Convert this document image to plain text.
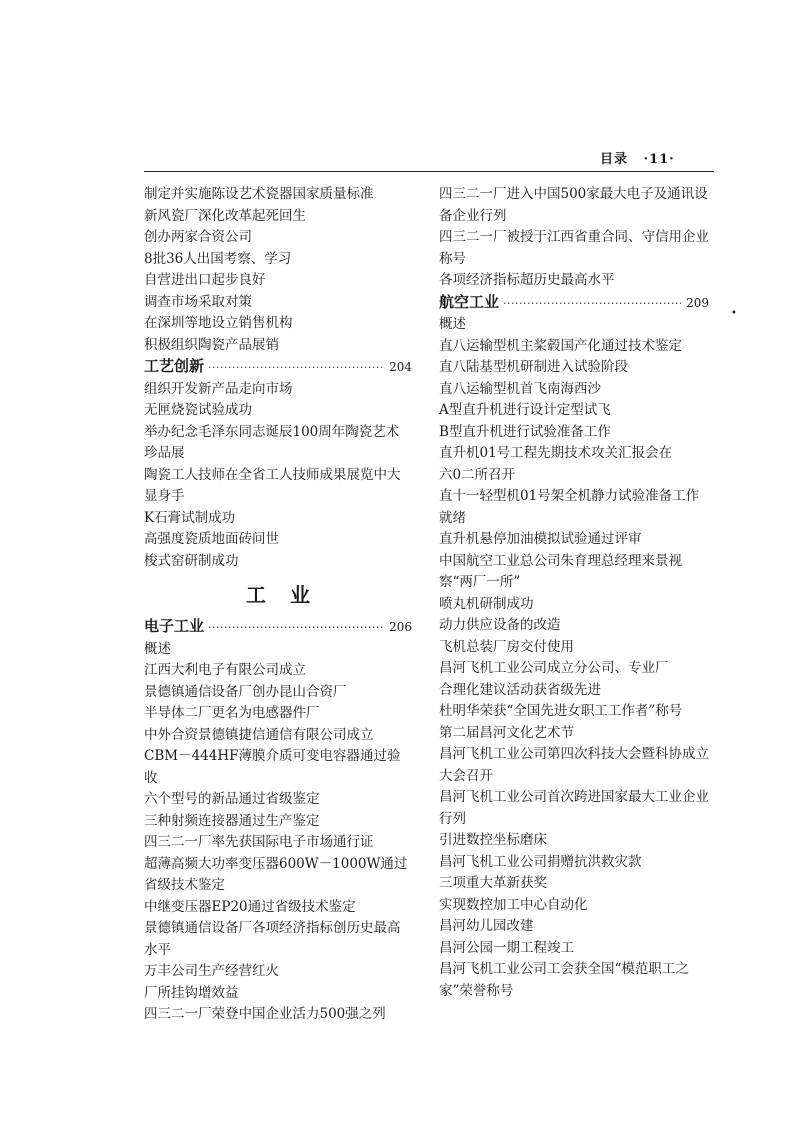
目录 ·11·
•
制定并实施陈设艺术瓷器国家质量标准
新风瓷厂深化改革起死回生
创办两家合资公司
8批36人出国考察、学习
自营进出口起步良好
调查市场采取对策
在深圳等地设立销售机构
积极组织陶瓷产品展销
工艺创新 ·····	204
组织开发新产品走向市场
无匣烧瓷试验成功
举办纪念毛泽东同志诞辰100周年陶瓷艺术珍品展
陶瓷工人技师在全省工人技师成果展览中大显身手
K石膏试制成功
高强度瓷质地面砖问世
梭式窑研制成功
工业
电子工业 ·····	206
概述
江西大利电子有限公司成立
景德镇通信设备厂创办昆山合资厂
半导体二厂更名为电感器件厂
中外合资景德镇捷信通信有限公司成立
CBM－444HF薄膜介质可变电容器通过验收
六个型号的新品通过省级鉴定
三种射频连接器通过生产鉴定
四三二一厂率先获国际电子市场通行证
超薄高频大功率变压器600W－1000W通过省级技术鉴定
中继变压器EP20通过省级技术鉴定
景德镇通信设备厂各项经济指标创历史最高水平
万丰公司生产经营红火
厂所挂钩增效益
四三二一厂荣登中国企业活力500强之列
四三二一厂进入中国500家最大电子及通讯设备企业行列
四三二一厂被授于江西省重合同、守信用企业称号
各项经济指标超历史最高水平
航空工业 ·····	209
概述
直八运输型机主桨毂国产化通过技术鉴定
直八陆基型机研制进入试验阶段
直八运输型机首飞南海西沙
A型直升机进行设计定型试飞
B型直升机进行试验准备工作
直升机01号工程先期技术攻关汇报会在
六0二所召开
直十一轻型机01号架全机静力试验准备工作就绪
直升机悬停加油模拟试验通过评审
中国航空工业总公司朱育理总经理来景视察“两厂一所”
喷丸机研制成功
动力供应设备的改造
飞机总装厂房交付使用
昌河飞机工业公司成立分公司、专业厂
合理化建议活动获省级先进
杜明华荣获“全国先进女职工工作者”称号
第二届昌河文化艺术节
昌河飞机工业公司第四次科技大会暨科协成立大会召开
昌河飞机工业公司首次跨进国家最大工业企业行列
引进数控坐标磨床
昌河飞机工业公司捐赠抗洪救灾款
三项重大革新获奖
实现数控加工中心自动化
昌河幼儿园改建
昌河公园一期工程竣工
昌河飞机工业公司工会获全国“模范职工之家”荣誉称号
